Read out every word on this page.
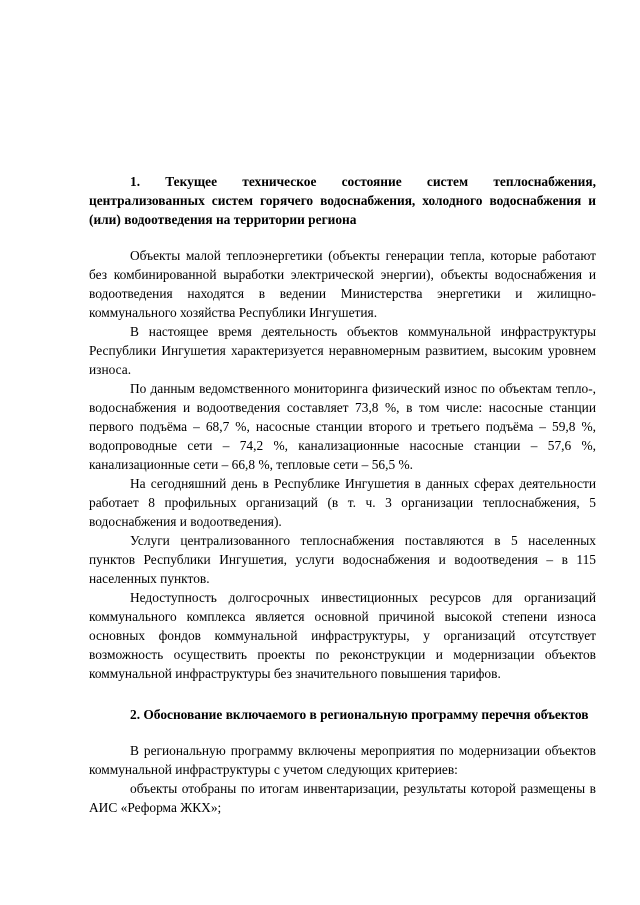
1. Текущее техническое состояние систем теплоснабжения, централизованных систем горячего водоснабжения, холодного водоснабжения и (или) водоотведения на территории региона

Объекты малой теплоэнергетики (объекты генерации тепла, которые работают без комбинированной выработки электрической энергии), объекты водоснабжения и водоотведения находятся в ведении Министерства энергетики и жилищно-коммунального хозяйства Республики Ингушетия.

В настоящее время деятельность объектов коммунальной инфраструктуры Республики Ингушетия характеризуется неравномерным развитием, высоким уровнем износа.

По данным ведомственного мониторинга физический износ по объектам тепло-, водоснабжения и водоотведения составляет 73,8 %, в том числе: насосные станции первого подъёма – 68,7 %, насосные станции второго и третьего подъёма – 59,8 %, водопроводные сети – 74,2 %, канализационные насосные станции – 57,6 %, канализационные сети – 66,8 %, тепловые сети – 56,5 %.

На сегодняшний день в Республике Ингушетия в данных сферах деятельности работает 8 профильных организаций (в т. ч. 3 организации теплоснабжения, 5 водоснабжения и водоотведения).

Услуги централизованного теплоснабжения поставляются в 5 населенных пунктов Республики Ингушетия, услуги водоснабжения и водоотведения – в 115 населенных пунктов.

Недоступность долгосрочных инвестиционных ресурсов для организаций коммунального комплекса является основной причиной высокой степени износа основных фондов коммунальной инфраструктуры, у организаций отсутствует возможность осуществить проекты по реконструкции и модернизации объектов коммунальной инфраструктуры без значительного повышения тарифов.

2. Обоснование включаемого в региональную программу перечня объектов

В региональную программу включены мероприятия по модернизации объектов коммунальной инфраструктуры с учетом следующих критериев:

объекты отобраны по итогам инвентаризации, результаты которой размещены в АИС «Реформа ЖКХ»;
